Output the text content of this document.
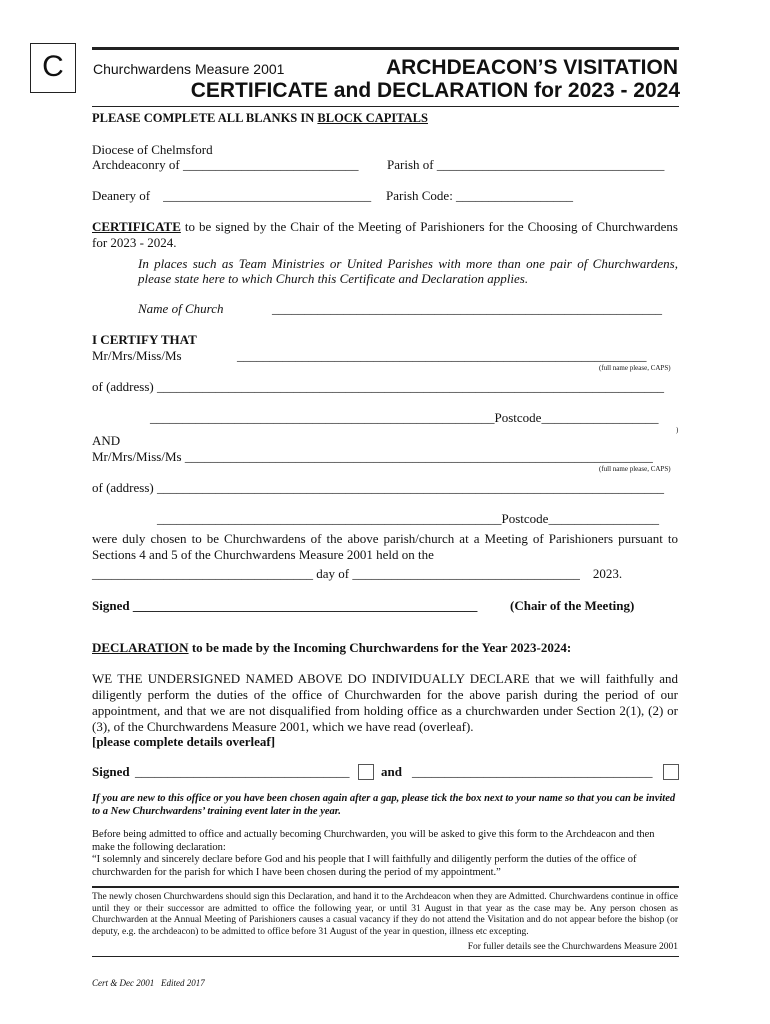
C	Churchwardens Measure 2001	ARCHDEACON’S VISITATION
CERTIFICATE and DECLARATION for 2023 - 2024
PLEASE COMPLETE ALL BLANKS IN BLOCK CAPITALS
Diocese of Chelmsford
Archdeaconry of ___________________________ Parish of ___________________________________
Deanery of    ________________________________ Parish Code: __________________
CERTIFICATE to be signed by the Chair of the Meeting of Parishioners for the Choosing of Churchwardens for 2023 - 2024.
In places such as Team Ministries or United Parishes with more than one pair of Churchwardens, please state here to which Church this Certificate and Declaration applies.
Name of Church	____________________________________________________________
I CERTIFY THAT
Mr/Mrs/Miss/Ms	_______________________________________________________________
(full name please, CAPS)
of (address) ______________________________________________________________________________
_____________________________________________________Postcode__________________
)
AND
Mr/Mrs/Miss/Ms ________________________________________________________________________
(full name please, CAPS)
of (address) ______________________________________________________________________________
_____________________________________________________Postcode_________________
were duly chosen to be Churchwardens of the above parish/church at a Meeting of Parishioners pursuant to Sections 4 and 5 of the Churchwardens Measure 2001 held on the
__________________________________ day of ___________________________________    2023.
Signed _____________________________________________________	(Chair of the Meeting)
DECLARATION to be made by the Incoming Churchwardens for the Year 2023-2024:
WE THE UNDERSIGNED NAMED ABOVE DO INDIVIDUALLY DECLARE that we will faithfully and diligently perform the duties of the office of Churchwarden for the above parish during the period of our appointment, and that we are not disqualified from holding office as a churchwarden under Section 2(1), (2) or (3), of the Churchwardens Measure 2001, which we have read (overleaf).
[please complete details overleaf]
Signed _________________________________ and _____________________________________
If you are new to this office or you have been chosen again after a gap, please tick the box next to your name so that you can be invited to a New Churchwardens’ training event later in the year.
Before being admitted to office and actually becoming Churchwarden, you will be asked to give this form to the Archdeacon and then make the following declaration:
“I solemnly and sincerely declare before God and his people that I will faithfully and diligently perform the duties of the office of churchwarden for the parish for which I have been chosen during the period of my appointment.”
The newly chosen Churchwardens should sign this Declaration, and hand it to the Archdeacon when they are Admitted. Churchwardens continue in office until they or their successor are admitted to office the following year, or until 31 August in that year as the case may be. Any person chosen as Churchwarden at the Annual Meeting of Parishioners causes a casual vacancy if they do not attend the Visitation and do not appear before the bishop (or deputy, e.g. the archdeacon) to be admitted to office before 31 August of the year in question, illness etc excepting.
For fuller details see the Churchwardens Measure 2001
Cert & Dec 2001   Edited 2017
